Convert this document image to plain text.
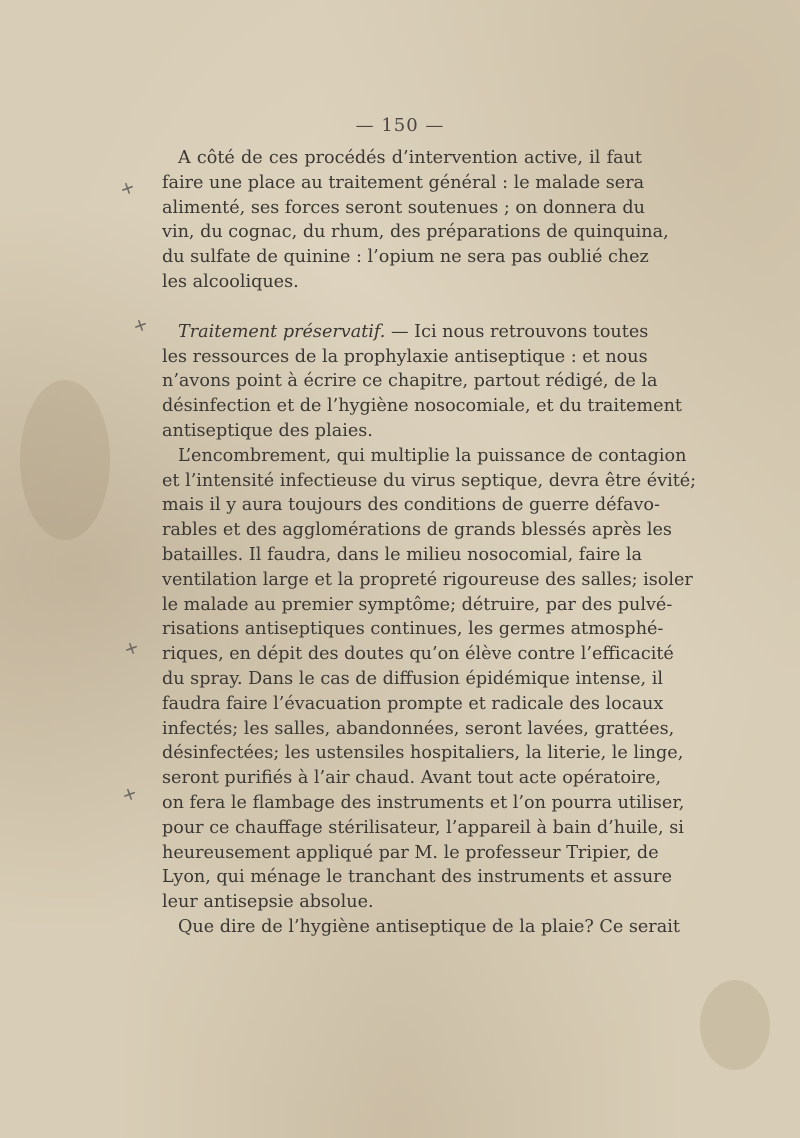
— 150 —
+
+
+
+
A côté de ces procédés d’intervention active, il faut
faire une place au traitement général : le malade sera
alimenté, ses forces seront soutenues ; on donnera du
vin, du cognac, du rhum, des préparations de quinquina,
du sulfate de quinine : l’opium ne sera pas oublié chez
les alcooliques.
Traitement préservatif. — Ici nous retrouvons toutes
les ressources de la prophylaxie antiseptique : et nous
n’avons point à écrire ce chapitre, partout rédigé, de la
désinfection et de l’hygiène nosocomiale, et du traitement
antiseptique des plaies.
L’encombrement, qui multiplie la puissance de contagion
et l’intensité infectieuse du virus septique, devra être évité;
mais il y aura toujours des conditions de guerre défavo-
rables et des agglomérations de grands blessés après les
batailles. Il faudra, dans le milieu nosocomial, faire la
ventilation large et la propreté rigoureuse des salles; isoler
le malade au premier symptôme; détruire, par des pulvé-
risations antiseptiques continues, les germes atmosphé-
riques, en dépit des doutes qu’on élève contre l’efficacité
du spray. Dans le cas de diffusion épidémique intense, il
faudra faire l’évacuation prompte et radicale des locaux
infectés; les salles, abandonnées, seront lavées, grattées,
désinfectées; les ustensiles hospitaliers, la literie, le linge,
seront purifiés à l’air chaud. Avant tout acte opératoire,
on fera le flambage des instruments et l’on pourra utiliser,
pour ce chauffage stérilisateur, l’appareil à bain d’huile, si
heureusement appliqué par M. le professeur Tripier, de
Lyon, qui ménage le tranchant des instruments et assure
leur antisepsie absolue.
Que dire de l’hygiène antiseptique de la plaie? Ce serait
